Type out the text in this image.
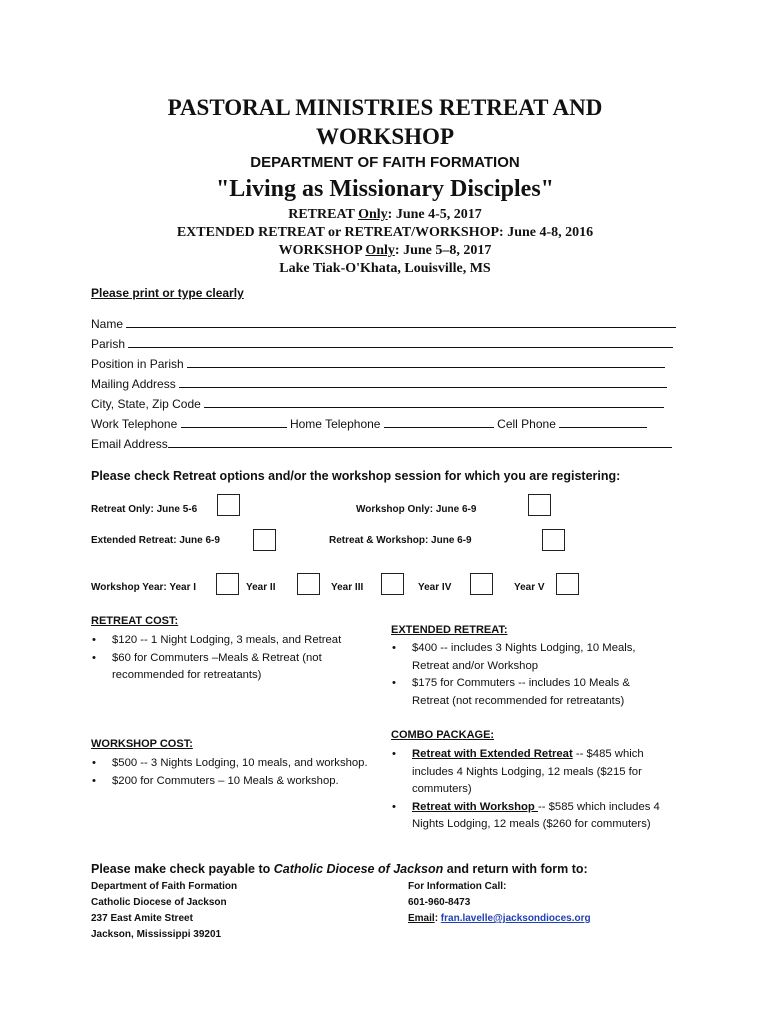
PASTORAL MINISTRIES RETREAT AND
WORKSHOP
DEPARTMENT OF FAITH FORMATION
"Living as Missionary Disciples"
RETREAT Only: June 4-5, 2017
EXTENDED RETREAT or RETREAT/WORKSHOP: June 4-8, 2016
WORKSHOP Only: June 5–8, 2017
Lake Tiak-O'Khata, Louisville, MS
Please print or type clearly
Name
Parish
Position in Parish
Mailing Address
City, State, Zip Code
Work Telephone	Home Telephone	Cell Phone
Email Address
Please check Retreat options and/or the workshop session for which you are registering:
Retreat Only: June 5-6	Workshop Only: June 6-9
Extended Retreat: June 6-9	Retreat & Workshop: June 6-9
Workshop Year: Year I	Year II	Year III	Year IV	Year V
RETREAT COST:
• $120 -- 1 Night Lodging, 3 meals, and Retreat
• $60 for Commuters –Meals & Retreat (not recommended for retreatants)
EXTENDED RETREAT:
• $400 -- includes 3 Nights Lodging, 10 Meals, Retreat and/or Workshop
• $175 for Commuters -- includes 10 Meals & Retreat (not recommended for retreatants)
WORKSHOP COST:
• $500 -- 3 Nights Lodging, 10 meals, and workshop.
• $200 for Commuters – 10 Meals & workshop.
COMBO PACKAGE:
• Retreat with Extended Retreat -- $485 which includes 4 Nights Lodging, 12 meals ($215 for commuters)
• Retreat with Workshop -- $585 which includes 4 Nights Lodging, 12 meals ($260 for commuters)
Please make check payable to Catholic Diocese of Jackson and return with form to:
Department of Faith Formation
Catholic Diocese of Jackson
237 East Amite Street
Jackson, Mississippi 39201
For Information Call:
601-960-8473
Email: fran.lavelle@jacksondioces.org
